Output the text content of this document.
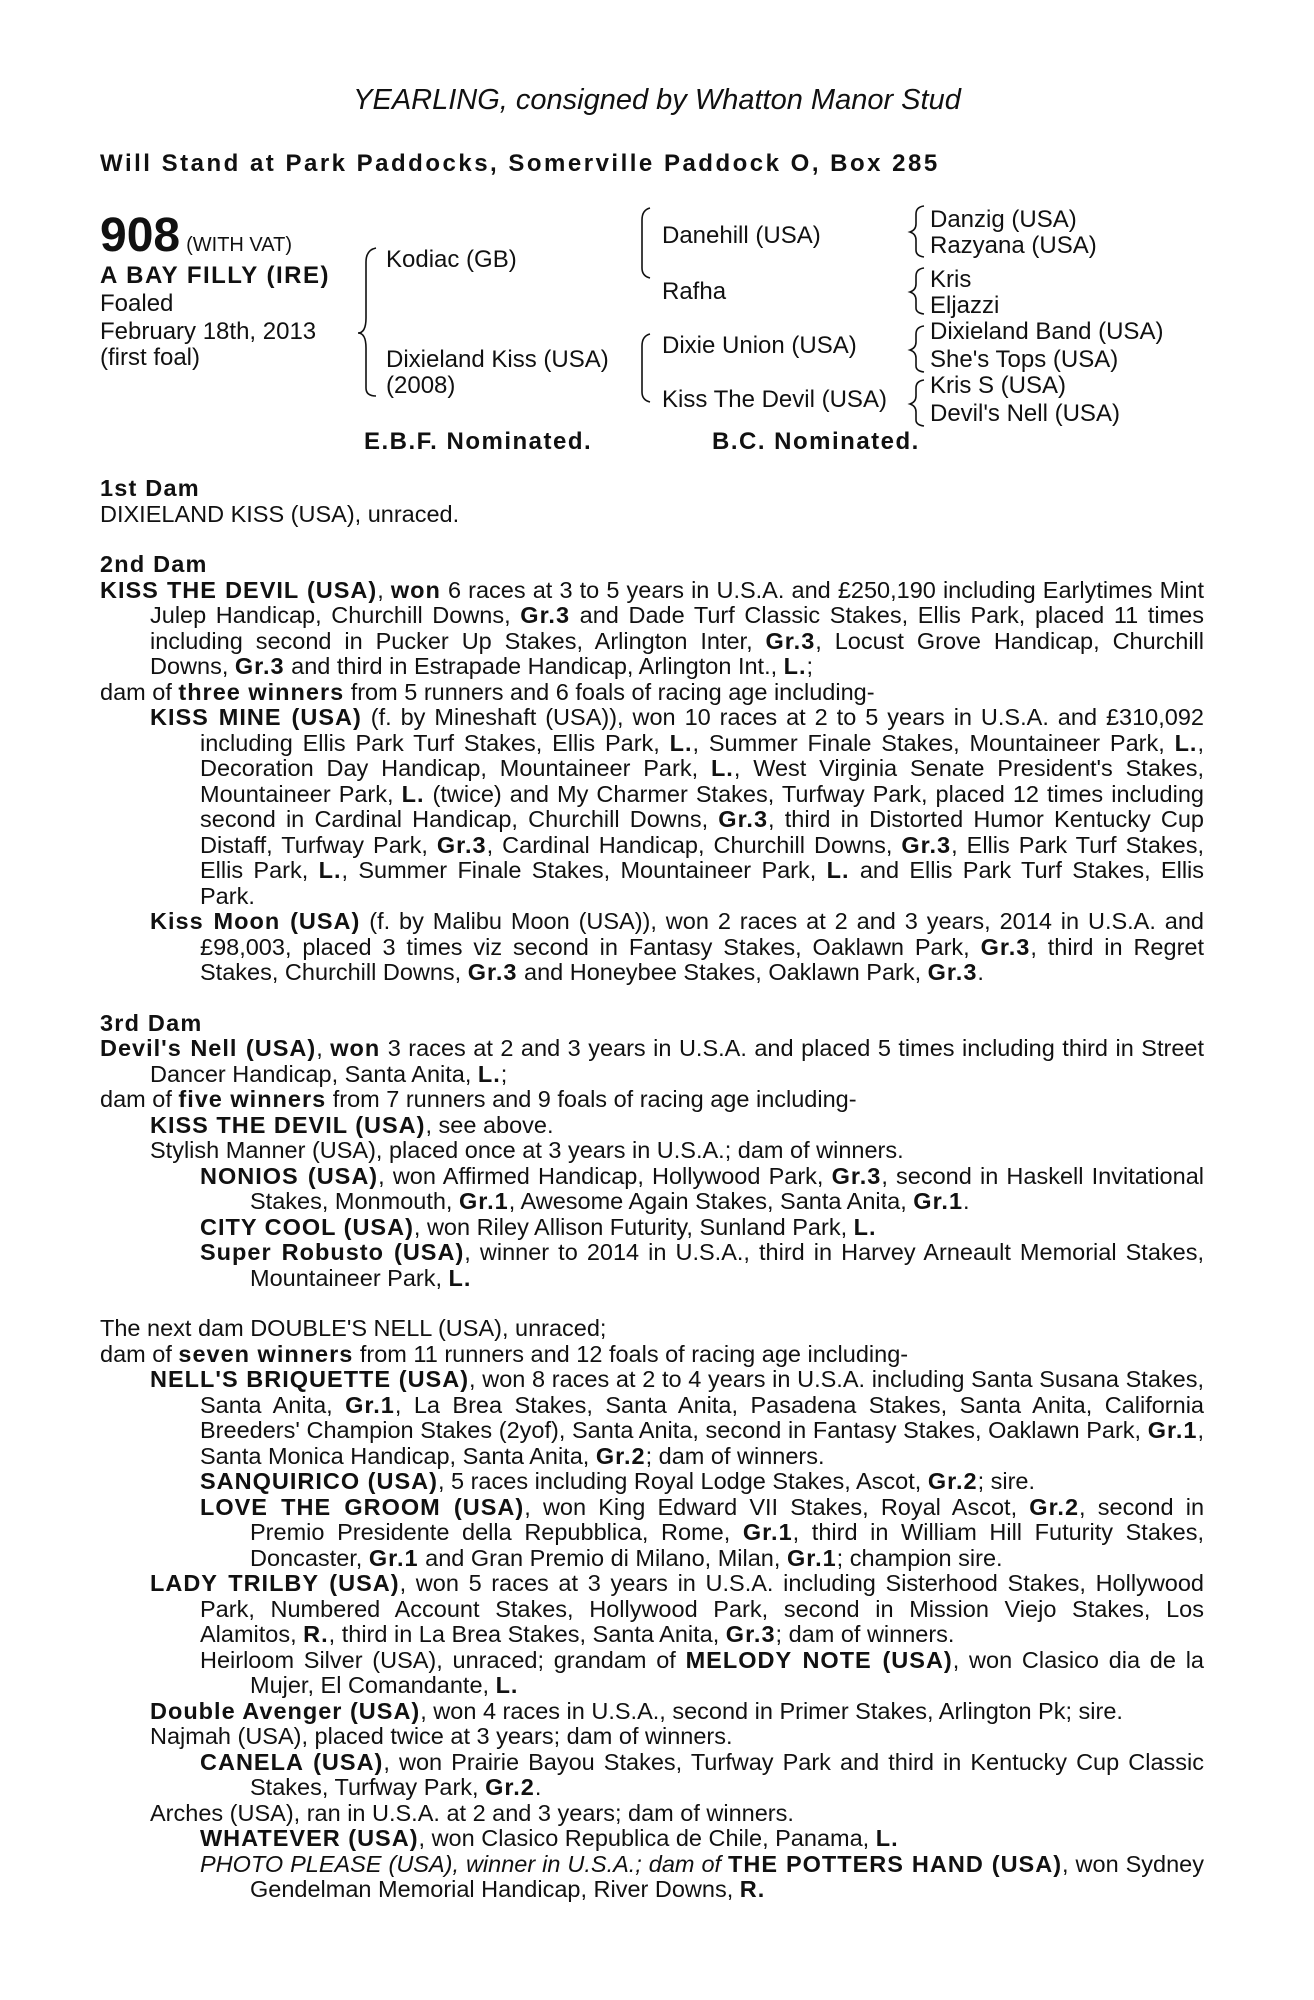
YEARLING, consigned by Whatton Manor Stud
Will Stand at Park Paddocks, Somerville Paddock O, Box 285
908 (WITH VAT)
A BAY FILLY (IRE)
Foaled
February 18th, 2013
(first foal)
Kodiac (GB)
Dixieland Kiss (USA)
(2008)
Danehill (USA)
Rafha
Dixie Union (USA)
Kiss The Devil (USA)
Danzig (USA)
Razyana (USA)
Kris
Eljazzi
Dixieland Band (USA)
She's Tops (USA)
Kris S (USA)
Devil's Nell (USA)
E.B.F. Nominated.	B.C. Nominated.

1st Dam

DIXIELAND KISS (USA), unraced.

2nd Dam

KISS THE DEVIL (USA), won 6 races at 3 to 5 years in U.S.A. and £250,190 including Earlytimes Mint Julep Handicap, Churchill Downs, Gr.3 and Dade Turf Classic Stakes, Ellis Park, placed 11 times including second in Pucker Up Stakes, Arlington Inter, Gr.3, Locust Grove Handicap, Churchill Downs, Gr.3 and third in Estrapade Handicap, Arlington Int., L.;

dam of three winners from 5 runners and 6 foals of racing age including-

KISS MINE (USA) (f. by Mineshaft (USA)), won 10 races at 2 to 5 years in U.S.A. and £310,092 including Ellis Park Turf Stakes, Ellis Park, L., Summer Finale Stakes, Mountaineer Park, L., Decoration Day Handicap, Mountaineer Park, L., West Virginia Senate President's Stakes, Mountaineer Park, L. (twice) and My Charmer Stakes, Turfway Park, placed 12 times including second in Cardinal Handicap, Churchill Downs, Gr.3, third in Distorted Humor Kentucky Cup Distaff, Turfway Park, Gr.3, Cardinal Handicap, Churchill Downs, Gr.3, Ellis Park Turf Stakes, Ellis Park, L., Summer Finale Stakes, Mountaineer Park, L. and Ellis Park Turf Stakes, Ellis Park.

Kiss Moon (USA) (f. by Malibu Moon (USA)), won 2 races at 2 and 3 years, 2014 in U.S.A. and £98,003, placed 3 times viz second in Fantasy Stakes, Oaklawn Park, Gr.3, third in Regret Stakes, Churchill Downs, Gr.3 and Honeybee Stakes, Oaklawn Park, Gr.3.

3rd Dam

Devil's Nell (USA), won 3 races at 2 and 3 years in U.S.A. and placed 5 times including third in Street Dancer Handicap, Santa Anita, L.;

dam of five winners from 7 runners and 9 foals of racing age including-

KISS THE DEVIL (USA), see above.

Stylish Manner (USA), placed once at 3 years in U.S.A.; dam of winners.

NONIOS (USA), won Affirmed Handicap, Hollywood Park, Gr.3, second in Haskell Invitational Stakes, Monmouth, Gr.1, Awesome Again Stakes, Santa Anita, Gr.1.

CITY COOL (USA), won Riley Allison Futurity, Sunland Park, L.

Super Robusto (USA), winner to 2014 in U.S.A., third in Harvey Arneault Memorial Stakes, Mountaineer Park, L.

The next dam DOUBLE'S NELL (USA), unraced;

dam of seven winners from 11 runners and 12 foals of racing age including-

NELL'S BRIQUETTE (USA), won 8 races at 2 to 4 years in U.S.A. including Santa Susana Stakes, Santa Anita, Gr.1, La Brea Stakes, Santa Anita, Pasadena Stakes, Santa Anita, California Breeders' Champion Stakes (2yof), Santa Anita, second in Fantasy Stakes, Oaklawn Park, Gr.1, Santa Monica Handicap, Santa Anita, Gr.2; dam of winners.

SANQUIRICO (USA), 5 races including Royal Lodge Stakes, Ascot, Gr.2; sire.

LOVE THE GROOM (USA), won King Edward VII Stakes, Royal Ascot, Gr.2, second in Premio Presidente della Repubblica, Rome, Gr.1, third in William Hill Futurity Stakes, Doncaster, Gr.1 and Gran Premio di Milano, Milan, Gr.1; champion sire.

LADY TRILBY (USA), won 5 races at 3 years in U.S.A. including Sisterhood Stakes, Hollywood Park, Numbered Account Stakes, Hollywood Park, second in Mission Viejo Stakes, Los Alamitos, R., third in La Brea Stakes, Santa Anita, Gr.3; dam of winners.

Heirloom Silver (USA), unraced; grandam of MELODY NOTE (USA), won Clasico dia de la Mujer, El Comandante, L.

Double Avenger (USA), won 4 races in U.S.A., second in Primer Stakes, Arlington Pk; sire.

Najmah (USA), placed twice at 3 years; dam of winners.

CANELA (USA), won Prairie Bayou Stakes, Turfway Park and third in Kentucky Cup Classic Stakes, Turfway Park, Gr.2.

Arches (USA), ran in U.S.A. at 2 and 3 years; dam of winners.

WHATEVER (USA), won Clasico Republica de Chile, Panama, L.

PHOTO PLEASE (USA), winner in U.S.A.; dam of THE POTTERS HAND (USA), won Sydney Gendelman Memorial Handicap, River Downs, R.
